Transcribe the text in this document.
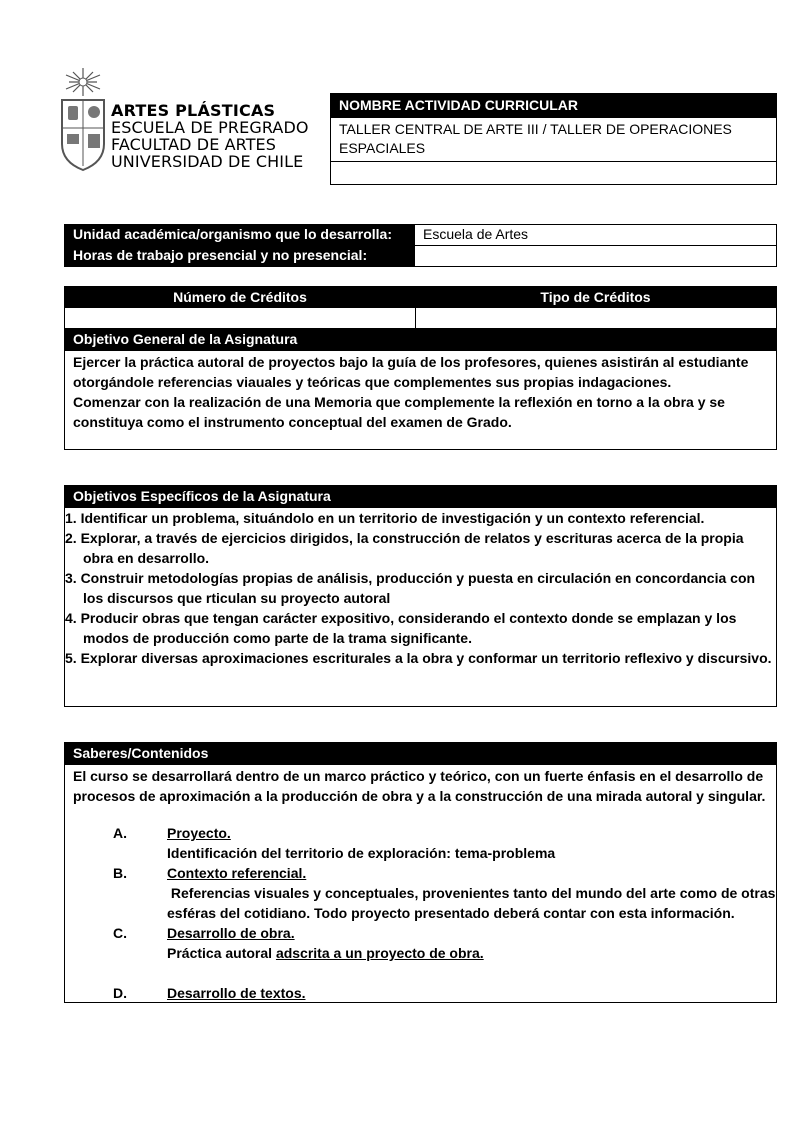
ARTES PLÁSTICAS
ESCUELA DE PREGRADO
FACULTAD DE ARTES
UNIVERSIDAD DE CHILE
NOMBRE ACTIVIDAD CURRICULAR
TALLER CENTRAL DE ARTE III / TALLER DE OPERACIONES
ESPACIALES
Unidad académica/organismo que lo desarrolla:	Escuela de Artes
Horas de trabajo presencial y no presencial:
Número de Créditos	Tipo de Créditos
Objetivo General de la Asignatura
Ejercer la práctica autoral de proyectos bajo la guía de los profesores, quienes asistirán al estudiante
otorgándole referencias viauales y teóricas que complementes sus propias indagaciones.
Comenzar con la realización de una Memoria que complemente la reflexión en torno a la obra y se
constituya como el instrumento conceptual del examen de Grado.
Objetivos Específicos de la Asignatura
1. Identificar un problema, situándolo en un territorio de investigación y un contexto referencial.
2. Explorar, a través de ejercicios dirigidos, la construcción de relatos y escrituras acerca de la propia obra en desarrollo.
3. Construir metodologías propias de análisis, producción y puesta en circulación en concordancia con los discursos que rticulan su proyecto autoral
4. Producir obras que tengan carácter expositivo, considerando el contexto donde se emplazan y los modos de producción como parte de la trama significante.
5. Explorar diversas aproximaciones escriturales a la obra y conformar un territorio reflexivo y discursivo.
Saberes/Contenidos
El curso se desarrollará dentro de un marco práctico y teórico, con un fuerte énfasis en el desarrollo de
procesos de aproximación a la producción de obra y a la construcción de una mirada autoral y singular.
A.	Proyecto.
Identificación del territorio de exploración: tema-problema
B.	Contexto referencial.
Referencias visuales y conceptuales, provenientes tanto del mundo del arte como de otras esféras del cotidiano. Todo proyecto presentado deberá contar con esta información.
C.	Desarrollo de obra.
Práctica autoral adscrita a un proyecto de obra.
D.	Desarrollo de textos.
